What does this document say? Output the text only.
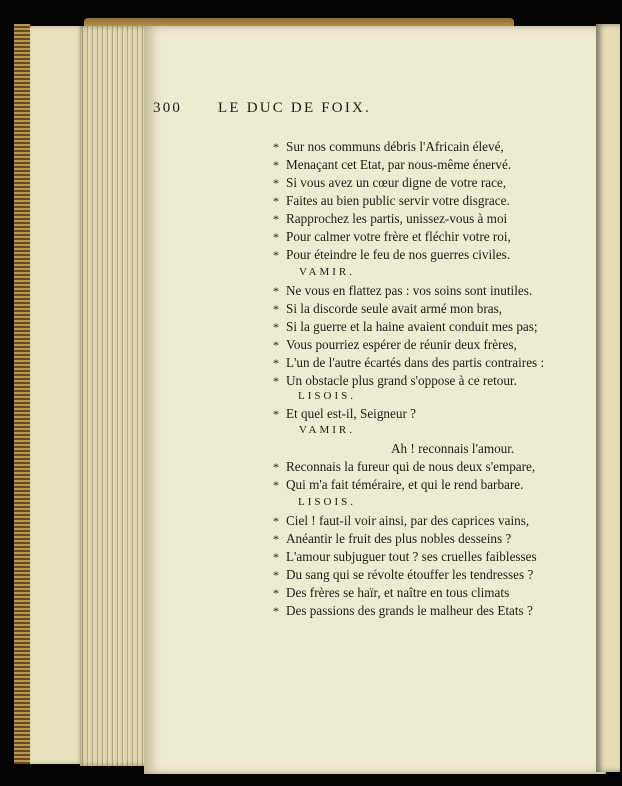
300 LE DUC DE FOIX.
* Sur nos communs débris l'Africain élevé,
* Menaçant cet Etat, par nous-même énervé.
* Si vous avez un cœur digne de votre race,
* Faites au bien public servir votre disgrace.
* Rapprochez les partis, unissez-vous à moi
* Pour calmer votre frère et fléchir votre roi,
* Pour éteindre le feu de nos guerres civiles.
VAMIR.
* Ne vous en flattez pas : vos soins sont inutiles.
* Si la discorde seule avait armé mon bras,
* Si la guerre et la haine avaient conduit mes pas;
* Vous pourriez espérer de réunir deux frères,
* L'un de l'autre écartés dans des partis contraires :
* Un obstacle plus grand s'oppose à ce retour.
LISOIS.
* Et quel est-il, Seigneur ?
VAMIR.
Ah ! reconnais l'amour.
* Reconnais la fureur qui de nous deux s'empare,
* Qui m'a fait téméraire, et qui le rend barbare.
LISOIS.
* Ciel ! faut-il voir ainsi, par des caprices vains,
* Anéantir le fruit des plus nobles desseins ?
* L'amour subjuguer tout ? ses cruelles faiblesses
* Du sang qui se révolte étouffer les tendresses ?
* Des frères se haïr, et naître en tous climats
* Des passions des grands le malheur des Etats ?
